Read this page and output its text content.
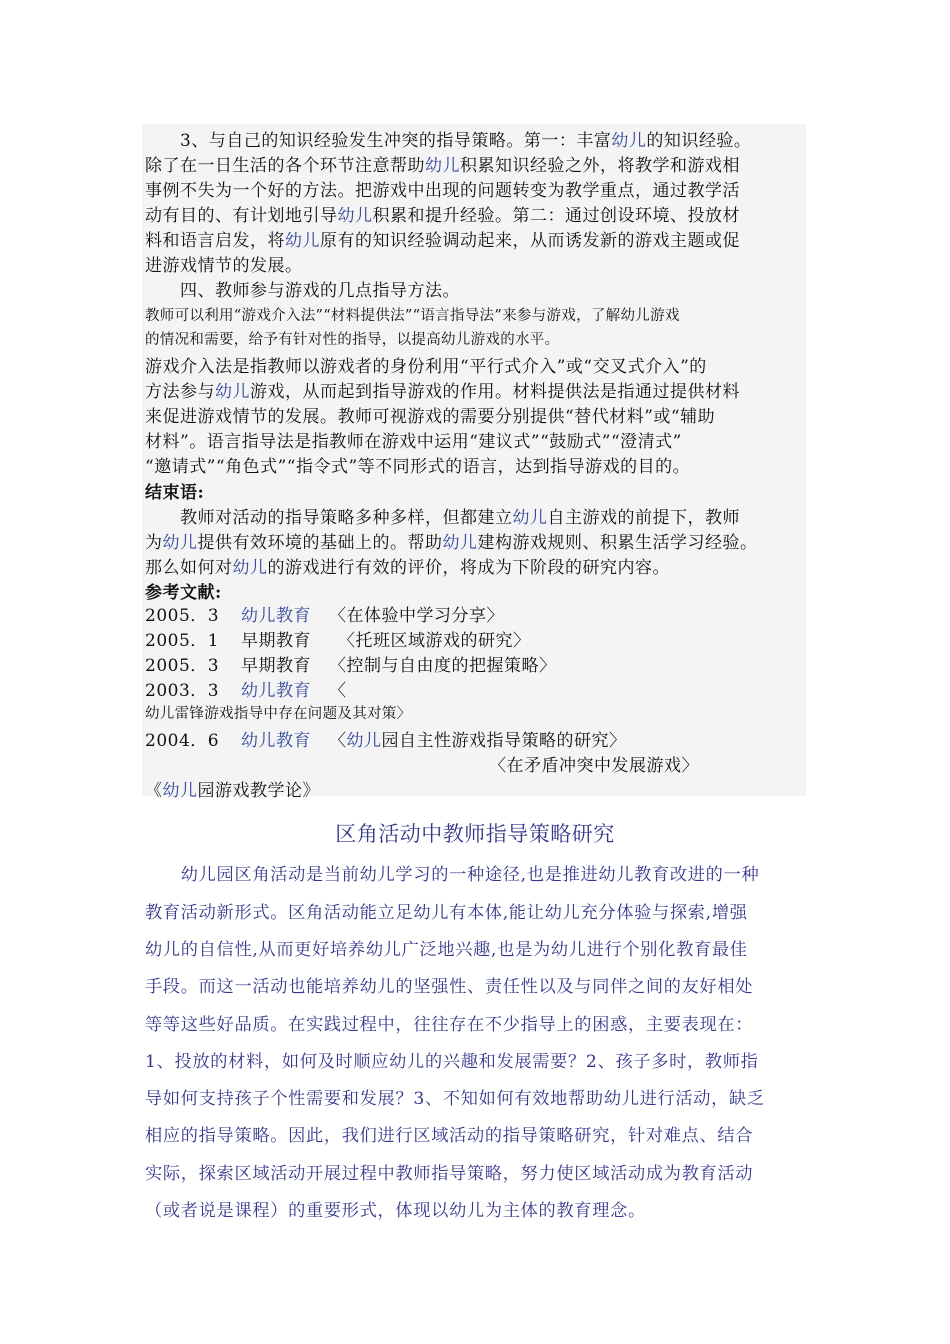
　　3、与自己的知识经验发生冲突的指导策略。第一：丰富幼儿的知识经验。
除了在一日生活的各个环节注意帮助幼儿积累知识经验之外，将教学和游戏相
事例不失为一个好的方法。把游戏中出现的问题转变为教学重点，通过教学活
动有目的、有计划地引导幼儿积累和提升经验。第二：通过创设环境、投放材
料和语言启发，将幼儿原有的知识经验调动起来，从而诱发新的游戏主题或促
进游戏情节的发展。
　　四、教师参与游戏的几点指导方法。
教师可以利用“游戏介入法”“材料提供法”“语言指导法”来参与游戏，了解幼儿游戏
的情况和需要，给予有针对性的指导，以提高幼儿游戏的水平。
游戏介入法是指教师以游戏者的身份利用“平行式介入”或“交叉式介入”的
方法参与幼儿游戏，从而起到指导游戏的作用。材料提供法是指通过提供材料
来促进游戏情节的发展。教师可视游戏的需要分别提供“替代材料”或“辅助
材料”。语言指导法是指教师在游戏中运用“建议式”“鼓励式”“澄清式”
“邀请式”“角色式”“指令式”等不同形式的语言，达到指导游戏的目的。
结束语:
　　教师对活动的指导策略多种多样，但都建立幼儿自主游戏的前提下，教师
为幼儿提供有效环境的基础上的。帮助幼儿建构游戏规则、积累生活学习经验。
那么如何对幼儿的游戏进行有效的评价，将成为下阶段的研究内容。
参考文献:
2005．3 幼儿教育 〈在体验中学习分享〉
2005．1 早期教育　〈托班区域游戏的研究〉
2005．3 早期教育 〈控制与自由度的把握策略〉
2003．3 幼儿教育 〈
幼儿雷锋游戏指导中存在问题及其对策〉
2004．6 幼儿教育 〈幼儿园自主性游戏指导策略的研究〉
〈在矛盾冲突中发展游戏〉
《幼儿园游戏教学论》
区角活动中教师指导策略研究
　　幼儿园区角活动是当前幼儿学习的一种途径,也是推进幼儿教育改进的一种
教育活动新形式。区角活动能立足幼儿有本体,能让幼儿充分体验与探索,增强
幼儿的自信性,从而更好培养幼儿广泛地兴趣,也是为幼儿进行个别化教育最佳
手段。而这一活动也能培养幼儿的坚强性、责任性以及与同伴之间的友好相处
等等这些好品质。在实践过程中，往往存在不少指导上的困惑，主要表现在：
1、投放的材料，如何及时顺应幼儿的兴趣和发展需要？2、孩子多时，教师指
导如何支持孩子个性需要和发展？3、不知如何有效地帮助幼儿进行活动，缺乏
相应的指导策略。因此，我们进行区域活动的指导策略研究，针对难点、结合
实际，探索区域活动开展过程中教师指导策略，努力使区域活动成为教育活动
（或者说是课程）的重要形式，体现以幼儿为主体的教育理念。
